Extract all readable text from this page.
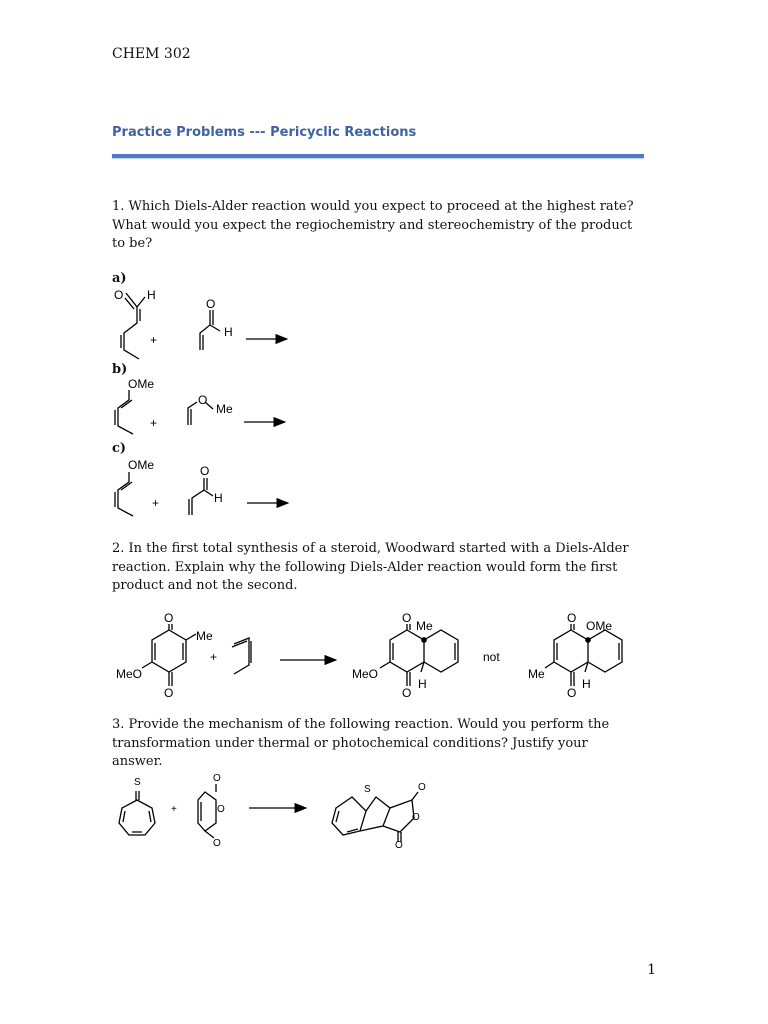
CHEM 302
Practice Problems --- Pericyclic Reactions
1. Which Diels-Alder reaction would you expect to proceed at the highest rate? What would you expect the regiochemistry and stereochemistry of the product to be?
a)
b)
c)
2. In the first total synthesis of a steroid, Woodward started with a Diels-Alder reaction. Explain why the following Diels-Alder reaction would form the first product and not the second.
3. Provide the mechanism of the following reaction. Would you perform the transformation under thermal or photochemical conditions? Justify your answer.
1
O H
+
O
H
OMe
+
O
Me
OMe
+
O
H
O
Me
MeO
O
+
O
Me
MeO
O
H
not
O
OMe
Me
O
H
S
+
O
O
O
S	O
O
O
